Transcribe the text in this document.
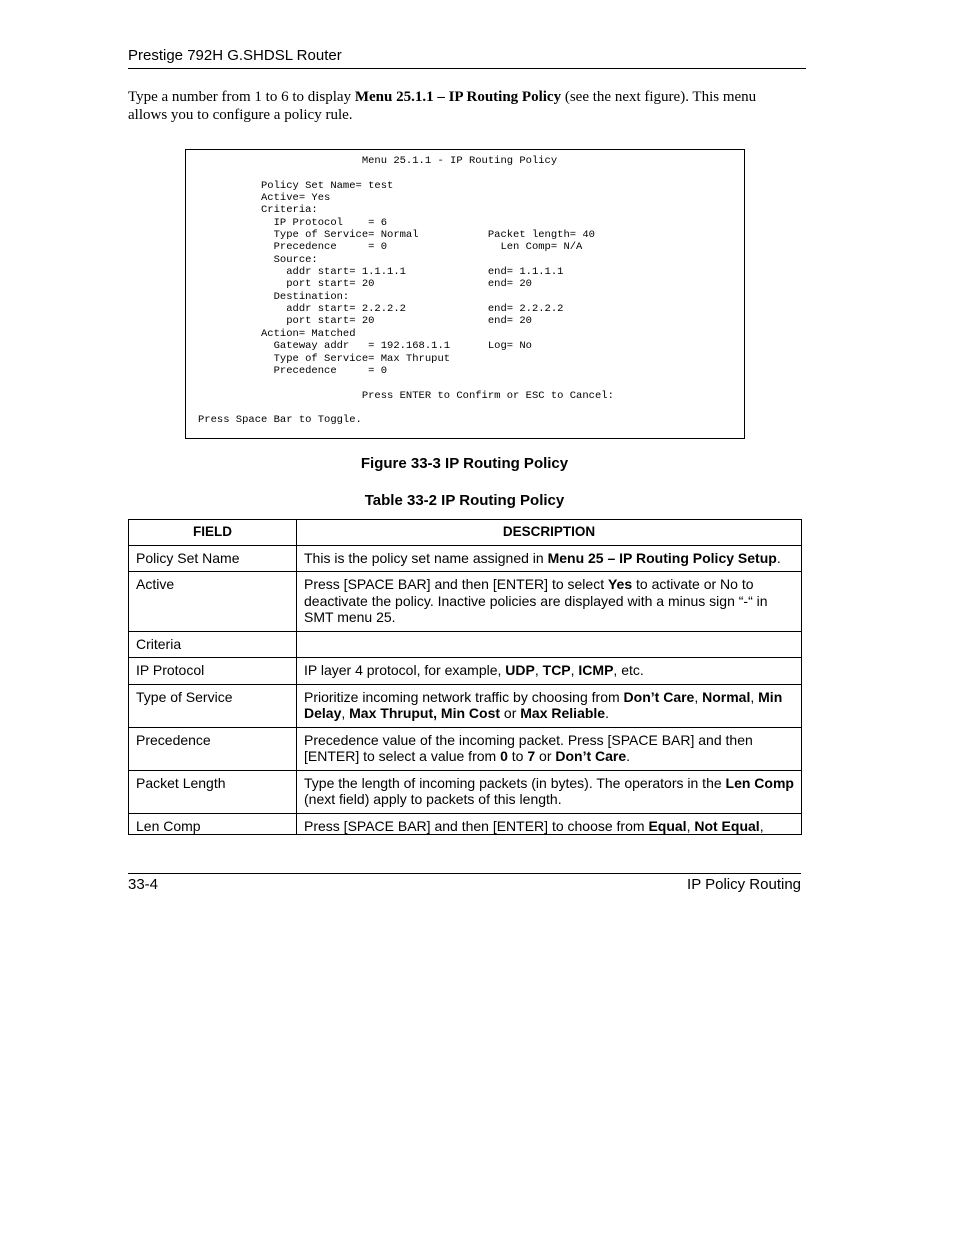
Prestige 792H G.SHDSL Router
Type a number from 1 to 6 to display Menu 25.1.1 – IP Routing Policy (see the next figure). This menu allows you to configure a policy rule.
Menu 25.1.1 - IP Routing Policy

Policy Set Name= test
Active= Yes
Criteria:
IP Protocol    = 6
Type of Service= Normal           Packet length= 40
Precedence     = 0                  Len Comp= N/A
Source:
addr start= 1.1.1.1             end= 1.1.1.1
port start= 20                  end= 20
Destination:
addr start= 2.2.2.2             end= 2.2.2.2
port start= 20                  end= 20
Action= Matched
Gateway addr   = 192.168.1.1      Log= No
Type of Service= Max Thruput
Precedence     = 0

Press ENTER to Confirm or ESC to Cancel:

Press Space Bar to Toggle.
Figure 33-3 IP Routing Policy
Table 33-2 IP Routing Policy
FIELD	DESCRIPTION
Policy Set Name	This is the policy set name assigned in Menu 25 – IP Routing Policy Setup.
Active	Press [SPACE BAR] and then [ENTER] to select Yes to activate or No to deactivate the policy. Inactive policies are displayed with a minus sign “-“ in SMT menu 25.
Criteria	
IP Protocol	IP layer 4 protocol, for example, UDP, TCP, ICMP, etc.
Type of Service	Prioritize incoming network traffic by choosing from Don’t Care, Normal, Min Delay, Max Thruput, Min Cost or Max Reliable.
Precedence	Precedence value of the incoming packet. Press [SPACE BAR] and then [ENTER] to select a value from 0 to 7 or Don’t Care.
Packet Length	Type the length of incoming packets (in bytes). The operators in the Len Comp (next field) apply to packets of this length.
Len Comp	Press [SPACE BAR] and then [ENTER] to choose from Equal, Not Equal,
33-4	IP Policy Routing
